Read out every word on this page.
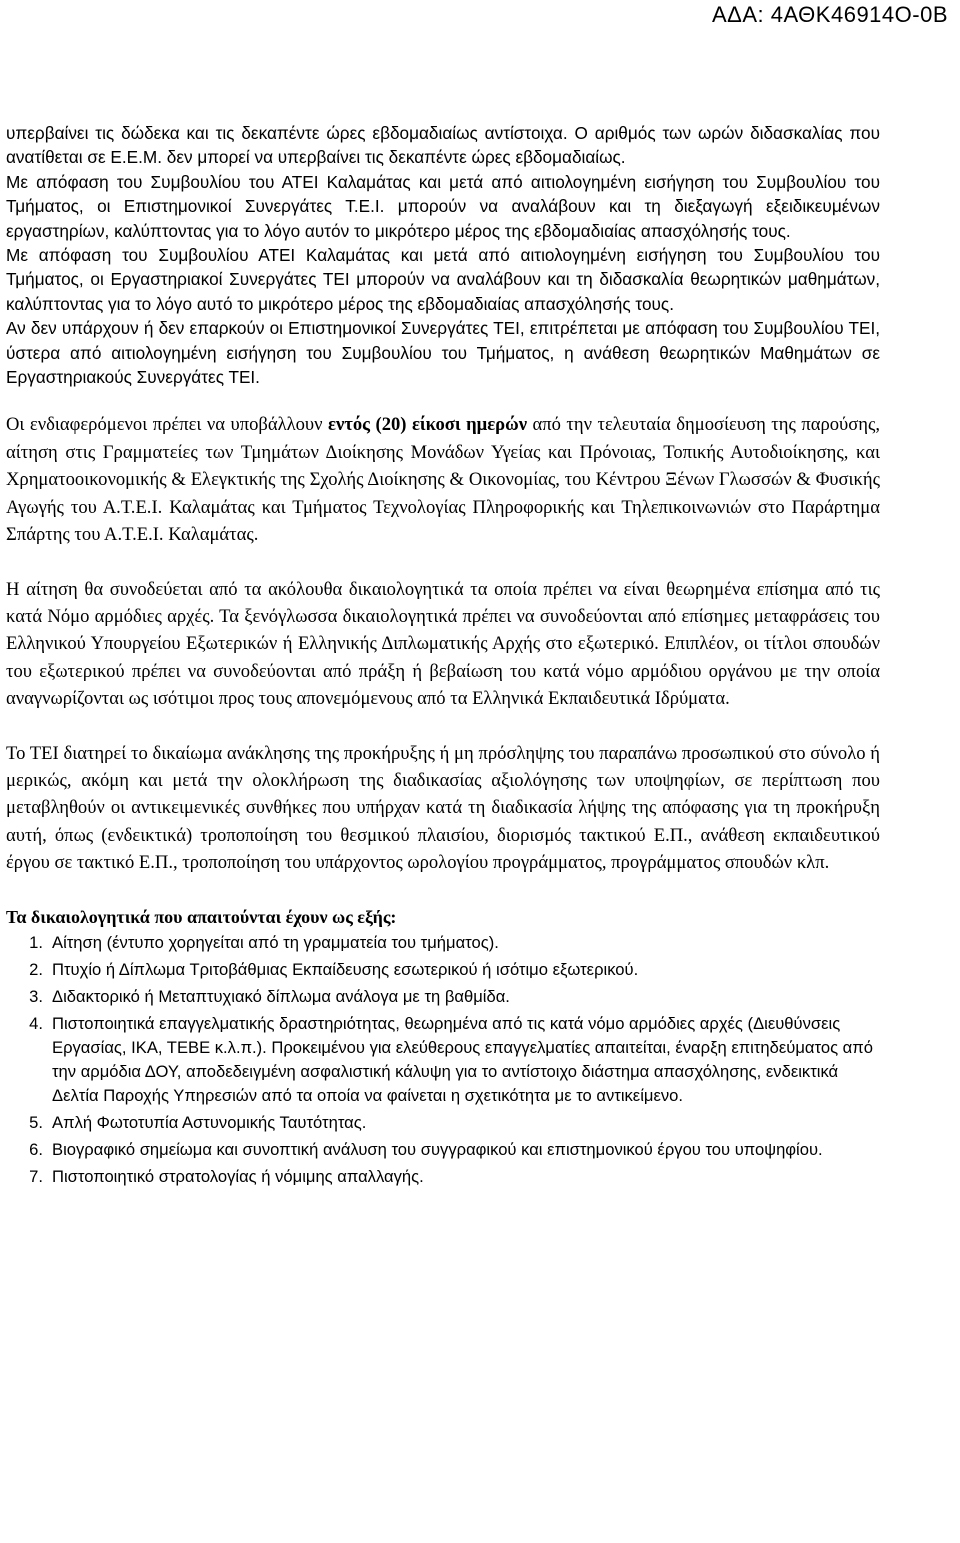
ΑΔΑ: 4ΑΘΚ46914Ο-0Β

υπερβαίνει τις δώδεκα και τις δεκαπέντε ώρες εβδομαδιαίως αντίστοιχα. Ο αριθμός των ωρών διδασκαλίας που ανατίθεται σε Ε.Ε.Μ. δεν μπορεί να υπερβαίνει τις δεκαπέντε ώρες εβδομαδιαίως.

Με απόφαση του Συμβουλίου του ΑΤΕΙ Καλαμάτας και μετά από αιτιολογημένη εισήγηση του Συμβουλίου του Τμήματος, οι Επιστημονικοί Συνεργάτες Τ.Ε.Ι. μπορούν να αναλάβουν και τη διεξαγωγή εξειδικευμένων εργαστηρίων, καλύπτοντας για το λόγο αυτόν το μικρότερο μέρος της εβδομαδιαίας απασχόλησής τους.

Με απόφαση του Συμβουλίου ΑΤΕΙ Καλαμάτας και μετά από αιτιολογημένη εισήγηση του Συμβουλίου του Τμήματος, οι Εργαστηριακοί Συνεργάτες ΤΕΙ μπορούν να αναλάβουν και τη διδασκαλία θεωρητικών μαθημάτων, καλύπτοντας για το λόγο αυτό το μικρότερο μέρος της εβδομαδιαίας απασχόλησής τους.

Αν δεν υπάρχουν ή δεν επαρκούν οι Επιστημονικοί Συνεργάτες ΤΕΙ, επιτρέπεται με απόφαση του Συμβουλίου ΤΕΙ, ύστερα από αιτιολογημένη εισήγηση του Συμβουλίου του Τμήματος, η ανάθεση θεωρητικών Μαθημάτων σε Εργαστηριακούς Συνεργάτες ΤΕΙ.

Οι ενδιαφερόμενοι πρέπει να υποβάλλουν εντός (20) είκοσι ημερών από την τελευταία δημοσίευση της παρούσης, αίτηση στις Γραμματείες των Τμημάτων Διοίκησης Μονάδων Υγείας και Πρόνοιας, Τοπικής Αυτοδιοίκησης, και Χρηματοοικονομικής & Ελεγκτικής της Σχολής Διοίκησης & Οικονομίας, του Κέντρου Ξένων Γλωσσών & Φυσικής Αγωγής του Α.Τ.Ε.Ι. Καλαμάτας και Τμήματος Τεχνολογίας Πληροφορικής και Τηλεπικοινωνιών στο Παράρτημα Σπάρτης του Α.Τ.Ε.Ι. Καλαμάτας.

Η αίτηση θα συνοδεύεται από τα ακόλουθα δικαιολογητικά τα οποία πρέπει να είναι θεωρημένα επίσημα από τις κατά Νόμο αρμόδιες αρχές. Τα ξενόγλωσσα δικαιολογητικά πρέπει να συνοδεύονται από επίσημες μεταφράσεις του Ελληνικού Υπουργείου Εξωτερικών ή Ελληνικής Διπλωματικής Αρχής στο εξωτερικό. Επιπλέον, οι τίτλοι σπουδών του εξωτερικού πρέπει να συνοδεύονται από πράξη ή βεβαίωση του κατά νόμο αρμόδιου οργάνου με την οποία αναγνωρίζονται ως ισότιμοι προς τους απονεμόμενους από τα Ελληνικά Εκπαιδευτικά Ιδρύματα.

Το ΤΕΙ διατηρεί το δικαίωμα ανάκλησης της προκήρυξης ή μη πρόσληψης του παραπάνω προσωπικού στο σύνολο ή μερικώς, ακόμη και μετά την ολοκλήρωση της διαδικασίας αξιολόγησης των υποψηφίων, σε περίπτωση που μεταβληθούν οι αντικειμενικές συνθήκες που υπήρχαν κατά τη διαδικασία λήψης της απόφασης για τη προκήρυξη αυτή, όπως (ενδεικτικά) τροποποίηση του θεσμικού πλαισίου, διορισμός τακτικού Ε.Π., ανάθεση εκπαιδευτικού έργου σε τακτικό Ε.Π., τροποποίηση του υπάρχοντος ωρολογίου προγράμματος, προγράμματος σπουδών κλπ.

Τα δικαιολογητικά που απαιτούνται έχουν ως εξής:

1. Αίτηση (έντυπο χορηγείται από τη γραμματεία του τμήματος).
2. Πτυχίο ή Δίπλωμα Τριτοβάθμιας Εκπαίδευσης εσωτερικού ή ισότιμο εξωτερικού.
3. Διδακτορικό ή Μεταπτυχιακό δίπλωμα ανάλογα με τη βαθμίδα.
4. Πιστοποιητικά επαγγελματικής δραστηριότητας, θεωρημένα από τις κατά νόμο αρμόδιες αρχές (Διευθύνσεις Εργασίας, ΙΚΑ, ΤΕΒΕ κ.λ.π.). Προκειμένου για ελεύθερους επαγγελματίες απαιτείται, έναρξη επιτηδεύματος από την αρμόδια ΔΟΥ, αποδεδειγμένη ασφαλιστική κάλυψη για το αντίστοιχο διάστημα απασχόλησης, ενδεικτικά Δελτία Παροχής Υπηρεσιών από τα οποία να φαίνεται η σχετικότητα με το αντικείμενο.
5. Απλή Φωτοτυπία Αστυνομικής Ταυτότητας.
6. Βιογραφικό σημείωμα και συνοπτική ανάλυση του συγγραφικού και επιστημονικού έργου του υποψηφίου.
7. Πιστοποιητικό στρατολογίας ή νόμιμης απαλλαγής.
